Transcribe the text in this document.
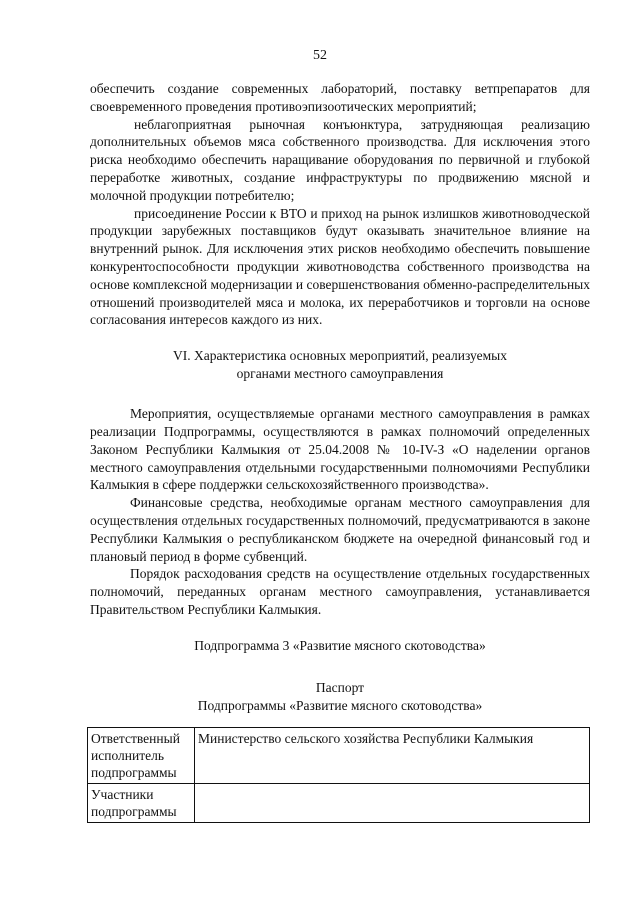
52

обеспечить создание современных лабораторий, поставку ветпрепаратов для своевременного проведения противоэпизоотических мероприятий;

неблагоприятная рыночная конъюнктура, затрудняющая реализацию дополнительных объемов мяса собственного производства. Для исключения этого риска необходимо обеспечить наращивание оборудования по первичной и глубокой переработке животных, создание инфраструктуры по продвижению мясной и молочной продукции потребителю;

присоединение России к ВТО и приход на рынок излишков животноводческой продукции зарубежных поставщиков будут оказывать значительное влияние на внутренний рынок. Для исключения этих рисков необходимо обеспечить повышение конкурентоспособности продукции животноводства собственного производства на основе комплексной модернизации и совершенствования обменно-распределительных отношений производителей мяса и молока, их переработчиков и торговли на основе согласования интересов каждого из них.

VI. Характеристика основных мероприятий, реализуемых
органами местного самоуправления

Мероприятия, осуществляемые органами местного самоуправления в рамках реализации Подпрограммы, осуществляются в рамках полномочий определенных Законом Республики Калмыкия от 25.04.2008 № 10-IV-З «О наделении органов местного самоуправления отдельными государственными полномочиями Республики Калмыкия в сфере поддержки сельскохозяйственного производства».

Финансовые средства, необходимые органам местного самоуправления для осуществления отдельных государственных полномочий, предусматриваются в законе Республики Калмыкия о республиканском бюджете на очередной финансовый год и плановый период в форме субвенций.

Порядок расходования средств на осуществление отдельных государственных полномочий, переданных органам местного самоуправления, устанавливается Правительством Республики Калмыкия.

Подпрограмма 3 «Развитие мясного скотоводства»
Паспорт
Подпрограммы «Развитие мясного скотоводства»
Ответственный исполнитель подпрограммы	Министерство сельского хозяйства Республики Калмыкия
Участники подпрограммы	
